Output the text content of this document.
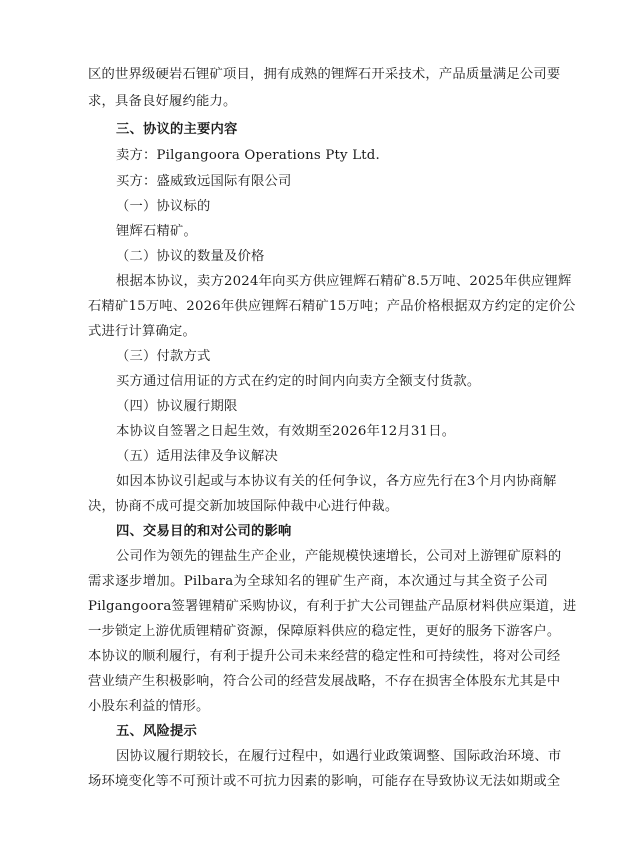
区的世界级硬岩石锂矿项目，拥有成熟的锂辉石开采技术，产品质量满足公司要
求，具备良好履约能力。
三、协议的主要内容
卖方：Pilgangoora Operations Pty Ltd.
买方：盛威致远国际有限公司
（一）协议标的
锂辉石精矿。
（二）协议的数量及价格
根据本协议，卖方2024年向买方供应锂辉石精矿8.5万吨、2025年供应锂辉
石精矿15万吨、2026年供应锂辉石精矿15万吨；产品价格根据双方约定的定价公
式进行计算确定。
（三）付款方式
买方通过信用证的方式在约定的时间内向卖方全额支付货款。
（四）协议履行期限
本协议自签署之日起生效，有效期至2026年12月31日。
（五）适用法律及争议解决
如因本协议引起或与本协议有关的任何争议，各方应先行在3个月内协商解
决，协商不成可提交新加坡国际仲裁中心进行仲裁。
四、交易目的和对公司的影响
公司作为领先的锂盐生产企业，产能规模快速增长，公司对上游锂矿原料的
需求逐步增加。Pilbara为全球知名的锂矿生产商，本次通过与其全资子公司
Pilgangoora签署锂精矿采购协议，有利于扩大公司锂盐产品原材料供应渠道，进
一步锁定上游优质锂精矿资源，保障原料供应的稳定性，更好的服务下游客户。
本协议的顺利履行，有利于提升公司未来经营的稳定性和可持续性，将对公司经
营业绩产生积极影响，符合公司的经营发展战略，不存在损害全体股东尤其是中
小股东利益的情形。
五、风险提示
因协议履行期较长，在履行过程中，如遇行业政策调整、国际政治环境、市
场环境变化等不可预计或不可抗力因素的影响，可能存在导致协议无法如期或全
